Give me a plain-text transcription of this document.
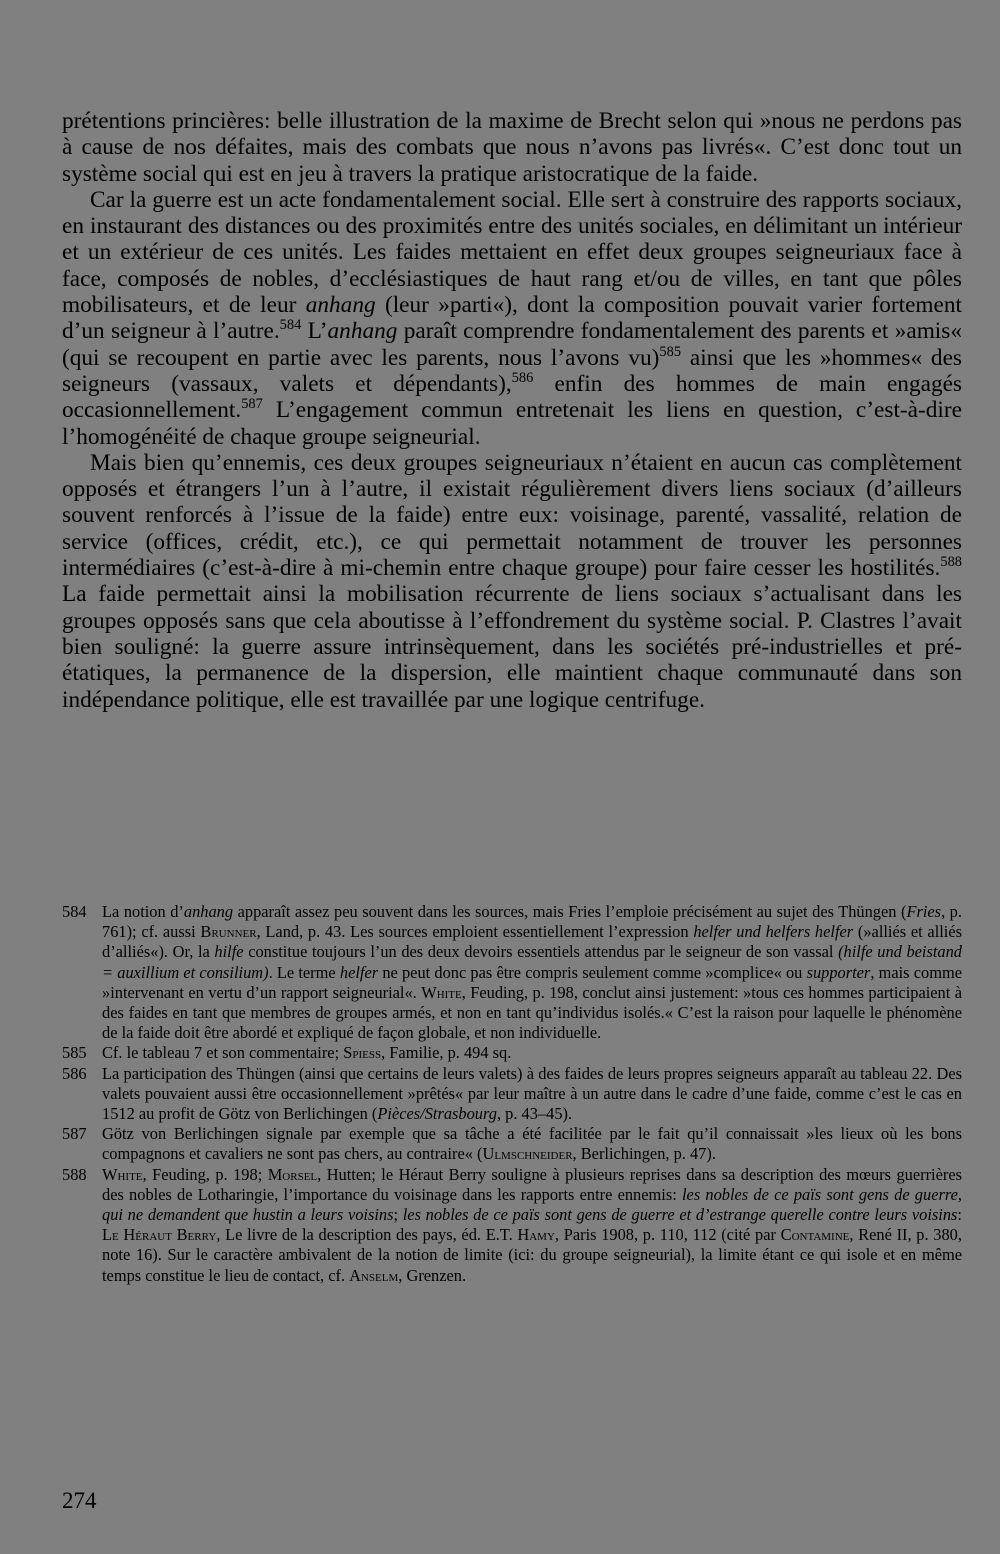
prétentions princières: belle illustration de la maxime de Brecht selon qui »nous ne perdons pas à cause de nos défaites, mais des combats que nous n’avons pas livrés«. C’est donc tout un système social qui est en jeu à travers la pratique aristocratique de la faide.

Car la guerre est un acte fondamentalement social. Elle sert à construire des rapports sociaux, en instaurant des distances ou des proximités entre des unités sociales, en délimitant un intérieur et un extérieur de ces unités. Les faides mettaient en effet deux groupes seigneuriaux face à face, composés de nobles, d’ecclésiastiques de haut rang et/ou de villes, en tant que pôles mobilisateurs, et de leur anhang (leur »parti«), dont la composition pouvait varier fortement d’un seigneur à l’autre.$^{584}$ L’anhang paraît comprendre fondamentalement des parents et »amis« (qui se recoupent en partie avec les parents, nous l’avons vu)$^{585}$ ainsi que les »hommes« des seigneurs (vassaux, valets et dépendants),$^{586}$ enfin des hommes de main engagés occasionnellement.$^{587}$ L’engagement commun entretenait les liens en question, c’est-à-dire l’homogénéité de chaque groupe seigneurial.

Mais bien qu’ennemis, ces deux groupes seigneuriaux n’étaient en aucun cas complètement opposés et étrangers l’un à l’autre, il existait régulièrement divers liens sociaux (d’ailleurs souvent renforcés à l’issue de la faide) entre eux: voisinage, parenté, vassalité, relation de service (offices, crédit, etc.), ce qui permettait notamment de trouver les personnes intermédiaires (c’est-à-dire à mi-chemin entre chaque groupe) pour faire cesser les hostilités.$^{588}$ La faide permettait ainsi la mobilisation récurrente de liens sociaux s’actualisant dans les groupes opposés sans que cela aboutisse à l’effondrement du système social. P. Clastres l’avait bien souligné: la guerre assure intrinsèquement, dans les sociétés pré-industrielles et pré-étatiques, la permanence de la dispersion, elle maintient chaque communauté dans son indépendance politique, elle est travaillée par une logique centrifuge.

584 La notion d’anhang apparaît assez peu souvent dans les sources, mais Fries l’emploie précisément au sujet des Thüngen (Fries, p. 761); cf. aussi Brunner, Land, p. 43. Les sources emploient essentiellement l’expression helfer und helfers helfer (»alliés et alliés d’alliés«). Or, la hilfe constitue toujours l’un des deux devoirs essentiels attendus par le seigneur de son vassal (hilfe und beistand = auxillium et consilium). Le terme helfer ne peut donc pas être compris seulement comme »complice« ou supporter, mais comme »intervenant en vertu d’un rapport seigneurial«. White, Feuding, p. 198, conclut ainsi justement: »tous ces hommes participaient à des faides en tant que membres de groupes armés, et non en tant qu’individus isolés.« C’est la raison pour laquelle le phénomène de la faide doit être abordé et expliqué de façon globale, et non individuelle.
585 Cf. le tableau 7 et son commentaire; Spiess, Familie, p. 494 sq.
586 La participation des Thüngen (ainsi que certains de leurs valets) à des faides de leurs propres seigneurs apparaît au tableau 22. Des valets pouvaient aussi être occasionnellement »prêtés« par leur maître à un autre dans le cadre d’une faide, comme c’est le cas en 1512 au profit de Götz von Berlichingen (Pièces/Strasbourg, p. 43–45).
587 Götz von Berlichingen signale par exemple que sa tâche a été facilitée par le fait qu’il connaissait »les lieux où les bons compagnons et cavaliers ne sont pas chers, au contraire« (Ulmschneider, Berlichingen, p. 47).
588 White, Feuding, p. 198; Morsel, Hutten; le Héraut Berry souligne à plusieurs reprises dans sa description des mœurs guerrières des nobles de Lotharingie, l’importance du voisinage dans les rapports entre ennemis: les nobles de ce païs sont gens de guerre, qui ne demandent que hustin a leurs voisins; les nobles de ce païs sont gens de guerre et d’estrange querelle contre leurs voisins: Le Héraut Berry, Le livre de la description des pays, éd. E.T. Hamy, Paris 1908, p. 110, 112 (cité par Contamine, René II, p. 380, note 16). Sur le caractère ambivalent de la notion de limite (ici: du groupe seigneurial), la limite étant ce qui isole et en même temps constitue le lieu de contact, cf. Anselm, Grenzen.
274
